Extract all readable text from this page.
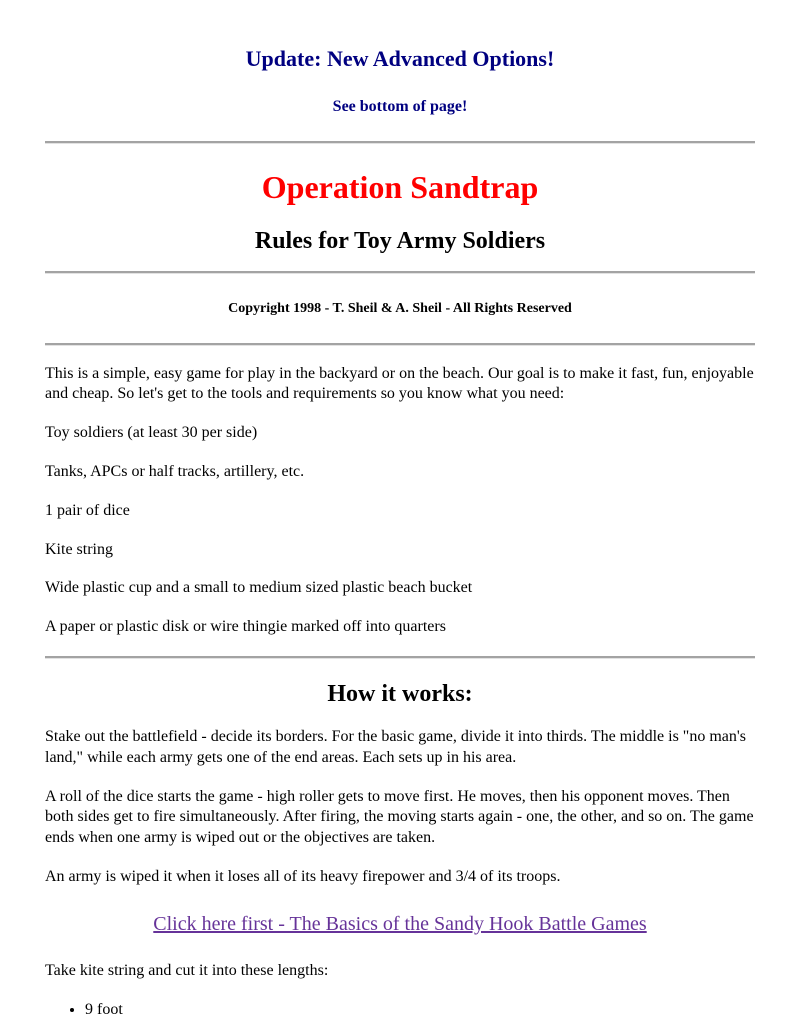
Update: New Advanced Options!
See bottom of page!
Operation Sandtrap
Rules for Toy Army Soldiers
Copyright 1998 - T. Sheil & A. Sheil - All Rights Reserved

This is a simple, easy game for play in the backyard or on the beach. Our goal is to make it fast, fun, enjoyable and cheap. So let's get to the tools and requirements so you know what you need:

Toy soldiers (at least 30 per side)

Tanks, APCs or half tracks, artillery, etc.

1 pair of dice

Kite string

Wide plastic cup and a small to medium sized plastic beach bucket

A paper or plastic disk or wire thingie marked off into quarters

How it works:

Stake out the battlefield - decide its borders. For the basic game, divide it into thirds. The middle is "no man's land," while each army gets one of the end areas. Each sets up in his area.

A roll of the dice starts the game - high roller gets to move first. He moves, then his opponent moves. Then both sides get to fire simultaneously. After firing, the moving starts again - one, the other, and so on. The game ends when one army is wiped out or the objectives are taken.

An army is wiped it when it loses all of its heavy firepower and 3/4 of its troops.

Click here first - The Basics of the Sandy Hook Battle Games

Take kite string and cut it into these lengths:

• 9 foot
